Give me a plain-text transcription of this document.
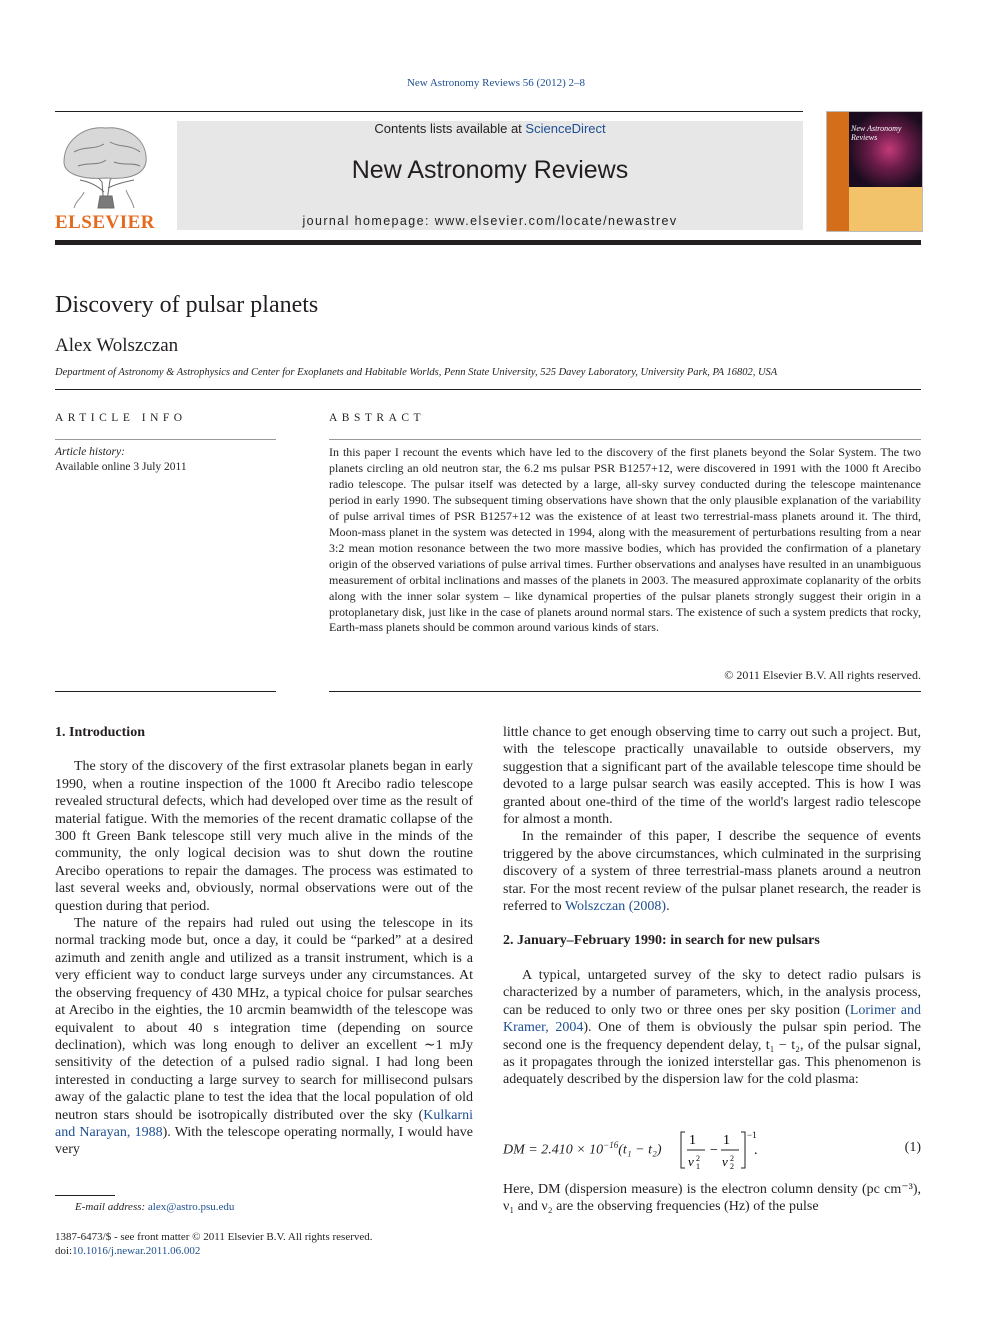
New Astronomy Reviews 56 (2012) 2–8
ELSEVIER
Contents lists available at ScienceDirect
New Astronomy Reviews
journal homepage: www.elsevier.com/locate/newastrev
New Astronomy Reviews
Discovery of pulsar planets
Alex Wolszczan
Department of Astronomy & Astrophysics and Center for Exoplanets and Habitable Worlds, Penn State University, 525 Davey Laboratory, University Park, PA 16802, USA
ARTICLE INFO	ABSTRACT
Article history:
Available online 3 July 2011
In this paper I recount the events which have led to the discovery of the first planets beyond the Solar System. The two planets circling an old neutron star, the 6.2 ms pulsar PSR B1257+12, were discovered in 1991 with the 1000 ft Arecibo radio telescope. The pulsar itself was detected by a large, all-sky survey conducted during the telescope maintenance period in early 1990. The subsequent timing observations have shown that the only plausible explanation of the variability of pulse arrival times of PSR B1257+12 was the existence of at least two terrestrial-mass planets around it. The third, Moon-mass planet in the system was detected in 1994, along with the measurement of perturbations resulting from a near 3:2 mean motion resonance between the two more massive bodies, which has provided the confirmation of a planetary origin of the observed variations of pulse arrival times. Further observations and analyses have resulted in an unambiguous measurement of orbital inclinations and masses of the planets in 2003. The measured approximate coplanarity of the orbits along with the inner solar system – like dynamical properties of the pulsar planets strongly suggest their origin in a protoplanetary disk, just like in the case of planets around normal stars. The existence of such a system predicts that rocky, Earth-mass planets should be common around various kinds of stars.
© 2011 Elsevier B.V. All rights reserved.
1. Introduction

The story of the discovery of the first extrasolar planets began in early 1990, when a routine inspection of the 1000 ft Arecibo radio telescope revealed structural defects, which had developed over time as the result of material fatigue. With the memories of the recent dramatic collapse of the 300 ft Green Bank telescope still very much alive in the minds of the community, the only logical decision was to shut down the routine Arecibo operations to repair the damages. The process was estimated to last several weeks and, obviously, normal observations were out of the question during that period.

The nature of the repairs had ruled out using the telescope in its normal tracking mode but, once a day, it could be “parked” at a desired azimuth and zenith angle and utilized as a transit instrument, which is a very efficient way to conduct large surveys under any circumstances. At the observing frequency of 430 MHz, a typical choice for pulsar searches at Arecibo in the eighties, the 10 arcmin beamwidth of the telescope was equivalent to about 40 s integration time (depending on source declination), which was long enough to deliver an excellent ∼1 mJy sensitivity of the detection of a pulsed radio signal. I had long been interested in conducting a large survey to search for millisecond pulsars away of the galactic plane to test the idea that the local population of old neutron stars should be isotropically distributed over the sky (Kulkarni and Narayan, 1988). With the telescope operating normally, I would have very

little chance to get enough observing time to carry out such a project. But, with the telescope practically unavailable to outside observers, my suggestion that a significant part of the available telescope time should be devoted to a large pulsar search was easily accepted. This is how I was granted about one-third of the time of the world's largest radio telescope for almost a month.

In the remainder of this paper, I describe the sequence of events triggered by the above circumstances, which culminated in the surprising discovery of a system of three terrestrial-mass planets around a neutron star. For the most recent review of the pulsar planet research, the reader is referred to Wolszczan (2008).

2. January–February 1990: in search for new pulsars

A typical, untargeted survey of the sky to detect radio pulsars is characterized by a number of parameters, which, in the analysis process, can be reduced to only two or three ones per sky position (Lorimer and Kramer, 2004). One of them is obviously the pulsar spin period. The second one is the frequency dependent delay, t₁ − t₂, of the pulsar signal, as it propagates through the ionized interstellar gas. This phenomenon is adequately described by the dispersion law for the cold plasma:

DM = $2.410 \times 10^{-16}(t_1 - t_2)$
1
ν 2
1
−
1
ν 2
2
−1
.	(1)
Here, DM (dispersion measure) is the electron column density (pc cm⁻³), ν₁ and ν₂ are the observing frequencies (Hz) of the pulse
E-mail address: alex@astro.psu.edu
1387-6473/$ - see front matter © 2011 Elsevier B.V. All rights reserved.
doi:10.1016/j.newar.2011.06.002
